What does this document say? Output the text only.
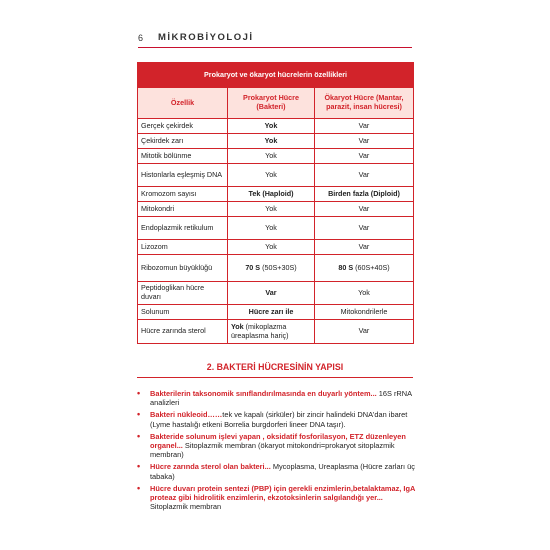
6 MİKROBİYOLOJİ
Prokaryot ve ökaryot hücrelerin özellikleri		
Özellik	Prokaryot Hücre (Bakteri)	Ökaryot Hücre (Mantar, parazit, insan hücresi)
Gerçek çekirdek	Yok	Var
Çekirdek zarı	Yok	Var
Mitotik bölünme	Yok	Var
Histonlarla eşleşmiş DNA	Yok	Var
Kromozom sayısı	Tek (Haploid)	Birden fazla (Diploid)
Mitokondri	Yok	Var
Endoplazmik retikulum	Yok	Var
Lizozom	Yok	Var
Ribozomun büyüklüğü	70 S (50S+30S)	80 S (60S+40S)
Peptidoglikan hücre duvarı	Var	Yok
Solunum	Hücre zarı ile	Mitokondrilerle
Hücre zarında sterol	Yok (mikoplazma üreaplasma hariç)	Var
2. BAKTERİ HÜCRESİNİN YAPISI
• Bakterilerin taksonomik sınıflandırılmasında en duyarlı yöntem... 16S rRNA analizleri
• Bakteri nükleoid……tek ve kapalı (sirküler) bir zincir halindeki DNA'dan ibaret (Lyme hastalığı etkeni Borrelia burgdorferi lineer DNA taşır).
• Bakteride solunum işlevi yapan , oksidatif fosforilasyon, ETZ düzenleyen organel... Sitoplazmik membran (ökaryot mitokondri=prokaryot sitoplazmik membran)
• Hücre zarında sterol olan bakteri... Mycoplasma, Ureaplasma (Hücre zarları üç tabaka)
• Hücre duvarı protein sentezi (PBP) için gerekli enzimlerin,betalaktamaz, IgA proteaz gibi hidrolitik enzimlerin, ekzotoksinlerin salgılandığı yer... Sitoplazmik membran
